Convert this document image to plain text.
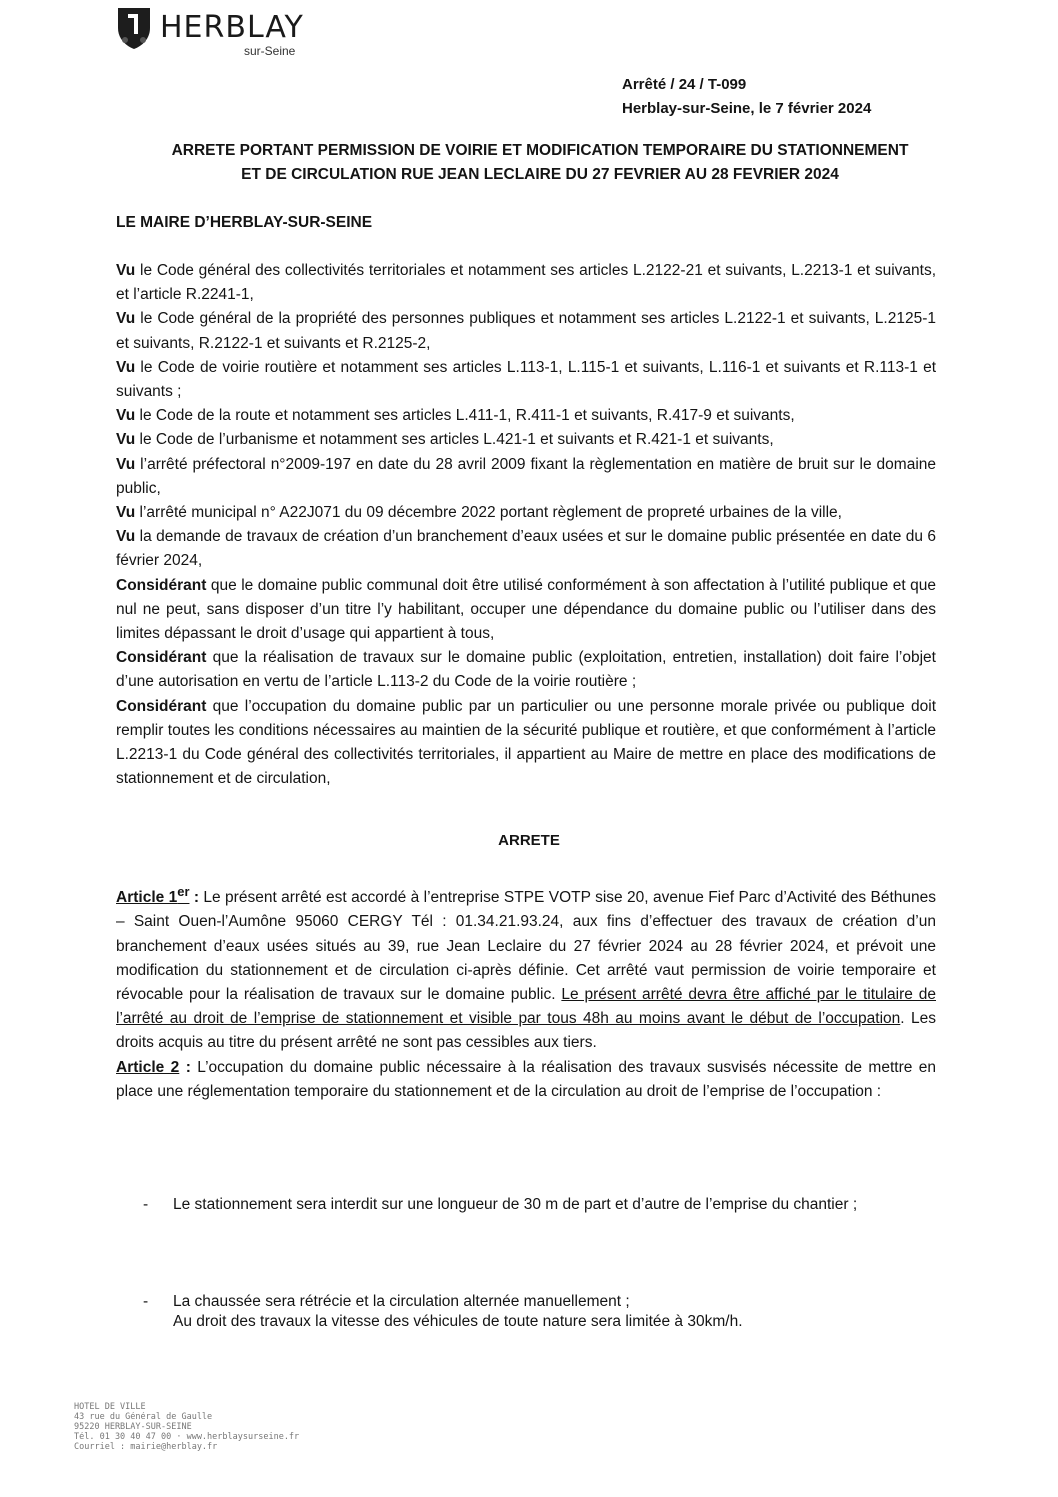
HERBLAY
sur-Seine
Arrêté / 24 / T-099
Herblay-sur-Seine, le 7 février 2024
ARRETE PORTANT PERMISSION DE VOIRIE ET MODIFICATION TEMPORAIRE DU STATIONNEMENT
ET DE CIRCULATION RUE JEAN LECLAIRE DU 27 FEVRIER AU 28 FEVRIER 2024
LE MAIRE D’HERBLAY-SUR-SEINE

Vu le Code général des collectivités territoriales et notamment ses articles L.2122-21 et suivants, L.2213-1 et suivants, et l’article R.2241-1,

Vu le Code général de la propriété des personnes publiques et notamment ses articles L.2122-1 et suivants, L.2125-1 et suivants, R.2122-1 et suivants et R.2125-2,

Vu le Code de voirie routière et notamment ses articles L.113-1, L.115-1 et suivants, L.116-1 et suivants et R.113-1 et suivants ;

Vu le Code de la route et notamment ses articles L.411-1, R.411-1 et suivants, R.417-9 et suivants,

Vu le Code de l’urbanisme et notamment ses articles L.421-1 et suivants et R.421-1 et suivants,

Vu l’arrêté préfectoral n°2009-197 en date du 28 avril 2009 fixant la règlementation en matière de bruit sur le domaine public,

Vu l’arrêté municipal n° A22J071 du 09 décembre 2022 portant règlement de propreté urbaines de la ville,

Vu la demande de travaux de création d’un branchement d’eaux usées et sur le domaine public présentée en date du 6 février 2024,

Considérant que le domaine public communal doit être utilisé conformément à son affectation à l’utilité publique et que nul ne peut, sans disposer d’un titre l’y habilitant, occuper une dépendance du domaine public ou l’utiliser dans des limites dépassant le droit d’usage qui appartient à tous,

Considérant que la réalisation de travaux sur le domaine public (exploitation, entretien, installation) doit faire l’objet d’une autorisation en vertu de l’article L.113-2 du Code de la voirie routière ;

Considérant que l’occupation du domaine public par un particulier ou une personne morale privée ou publique doit remplir toutes les conditions nécessaires au maintien de la sécurité publique et routière, et que conformément à l’article L.2213-1 du Code général des collectivités territoriales, il appartient au Maire de mettre en place des modifications de stationnement et de circulation,

ARRETE

Article 1er : Le présent arrêté est accordé à l’entreprise STPE VOTP sise 20, avenue Fief Parc d’Activité des Béthunes – Saint Ouen-l’Aumône 95060 CERGY Tél : 01.34.21.93.24, aux fins d’effectuer des travaux de création d’un branchement d’eaux usées situés au 39, rue Jean Leclaire du 27 février 2024 au 28 février 2024, et prévoit une modification du stationnement et de circulation ci-après définie. Cet arrêté vaut permission de voirie temporaire et révocable pour la réalisation de travaux sur le domaine public. Le présent arrêté devra être affiché par le titulaire de l’arrêté au droit de l’emprise de stationnement et visible par tous 48h au moins avant le début de l’occupation. Les droits acquis au titre du présent arrêté ne sont pas cessibles aux tiers.

Article 2 : L’occupation du domaine public nécessaire à la réalisation des travaux susvisés nécessite de mettre en place une réglementation temporaire du stationnement et de la circulation au droit de l’emprise de l’occupation :

- Le stationnement sera interdit sur une longueur de 30 m de part et d’autre de l’emprise du chantier ;
- La chaussée sera rétrécie et la circulation alternée manuellement ;
Au droit des travaux la vitesse des véhicules de toute nature sera limitée à 30km/h.
HOTEL DE VILLE
43 rue du Général de Gaulle
95220 HERBLAY-SUR-SEINE
Tél. 01 30 40 47 00 · www.herblaysurseine.fr
Courriel : mairie@herblay.fr
